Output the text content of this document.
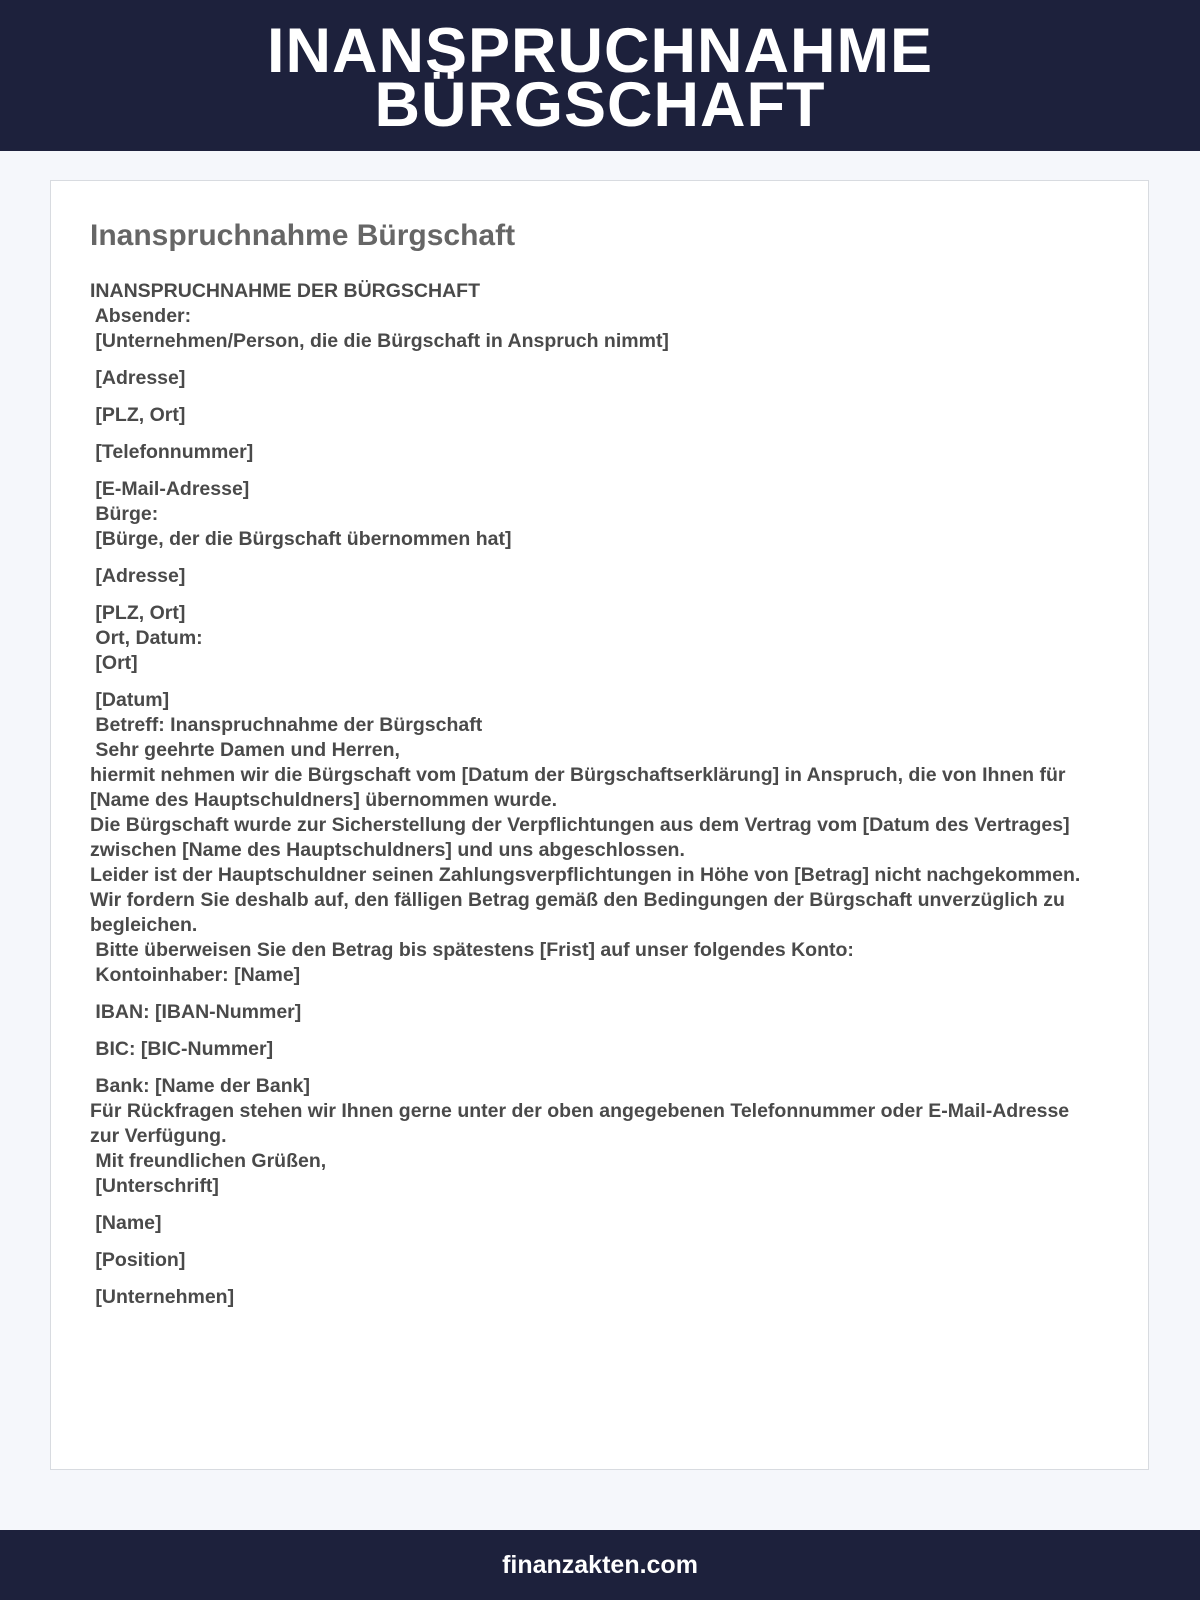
INANSPRUCHNAHME
BÜRGSCHAFT
Inanspruchnahme Bürgschaft
INANSPRUCHNAHME DER BÜRGSCHAFT
Absender:
[Unternehmen/Person, die die Bürgschaft in Anspruch nimmt]
[Adresse]
[PLZ, Ort]
[Telefonnummer]
[E-Mail-Adresse]
Bürge:
[Bürge, der die Bürgschaft übernommen hat]
[Adresse]
[PLZ, Ort]
Ort, Datum:
[Ort]
[Datum]
Betreff: Inanspruchnahme der Bürgschaft
Sehr geehrte Damen und Herren,
hiermit nehmen wir die Bürgschaft vom [Datum der Bürgschaftserklärung] in Anspruch, die von Ihnen für [Name des Hauptschuldners] übernommen wurde.
Die Bürgschaft wurde zur Sicherstellung der Verpflichtungen aus dem Vertrag vom [Datum des Vertrages] zwischen [Name des Hauptschuldners] und uns abgeschlossen.
Leider ist der Hauptschuldner seinen Zahlungsverpflichtungen in Höhe von [Betrag] nicht nachgekommen.
Wir fordern Sie deshalb auf, den fälligen Betrag gemäß den Bedingungen der Bürgschaft unverzüglich zu begleichen.
Bitte überweisen Sie den Betrag bis spätestens [Frist] auf unser folgendes Konto:
Kontoinhaber: [Name]
IBAN: [IBAN-Nummer]
BIC: [BIC-Nummer]
Bank: [Name der Bank]
Für Rückfragen stehen wir Ihnen gerne unter der oben angegebenen Telefonnummer oder E-Mail-Adresse zur Verfügung.
Mit freundlichen Grüßen,
[Unterschrift]
[Name]
[Position]
[Unternehmen]
finanzakten.com
